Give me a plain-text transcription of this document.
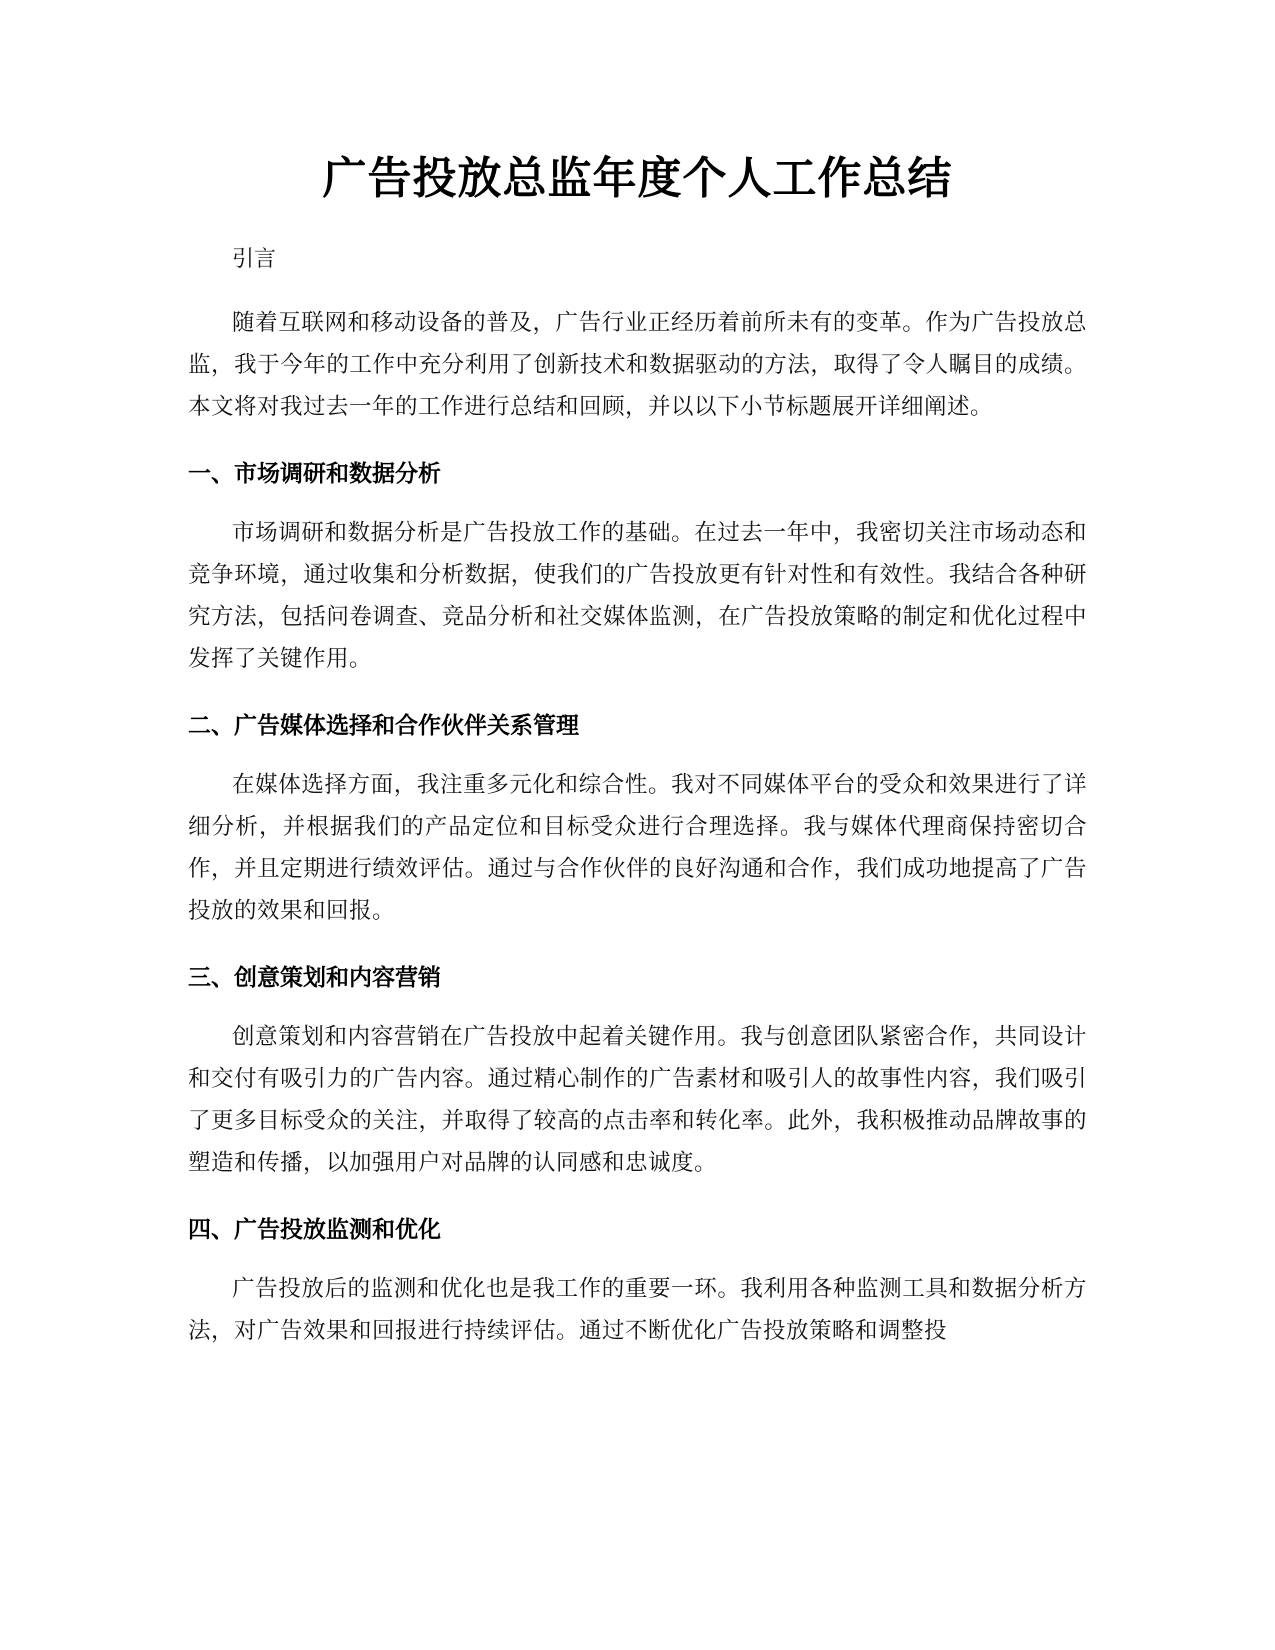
广告投放总监年度个人工作总结

引言

随着互联网和移动设备的普及，广告行业正经历着前所未有的变革。作为广告投放总监，我于今年的工作中充分利用了创新技术和数据驱动的方法，取得了令人瞩目的成绩。本文将对我过去一年的工作进行总结和回顾，并以以下小节标题展开详细阐述。

一、市场调研和数据分析

市场调研和数据分析是广告投放工作的基础。在过去一年中，我密切关注市场动态和竞争环境，通过收集和分析数据，使我们的广告投放更有针对性和有效性。我结合各种研究方法，包括问卷调查、竞品分析和社交媒体监测，在广告投放策略的制定和优化过程中发挥了关键作用。

二、广告媒体选择和合作伙伴关系管理

在媒体选择方面，我注重多元化和综合性。我对不同媒体平台的受众和效果进行了详细分析，并根据我们的产品定位和目标受众进行合理选择。我与媒体代理商保持密切合作，并且定期进行绩效评估。通过与合作伙伴的良好沟通和合作，我们成功地提高了广告投放的效果和回报。

三、创意策划和内容营销

创意策划和内容营销在广告投放中起着关键作用。我与创意团队紧密合作，共同设计和交付有吸引力的广告内容。通过精心制作的广告素材和吸引人的故事性内容，我们吸引了更多目标受众的关注，并取得了较高的点击率和转化率。此外，我积极推动品牌故事的塑造和传播，以加强用户对品牌的认同感和忠诚度。

四、广告投放监测和优化

广告投放后的监测和优化也是我工作的重要一环。我利用各种监测工具和数据分析方法，对广告效果和回报进行持续评估。通过不断优化广告投放策略和调整投
